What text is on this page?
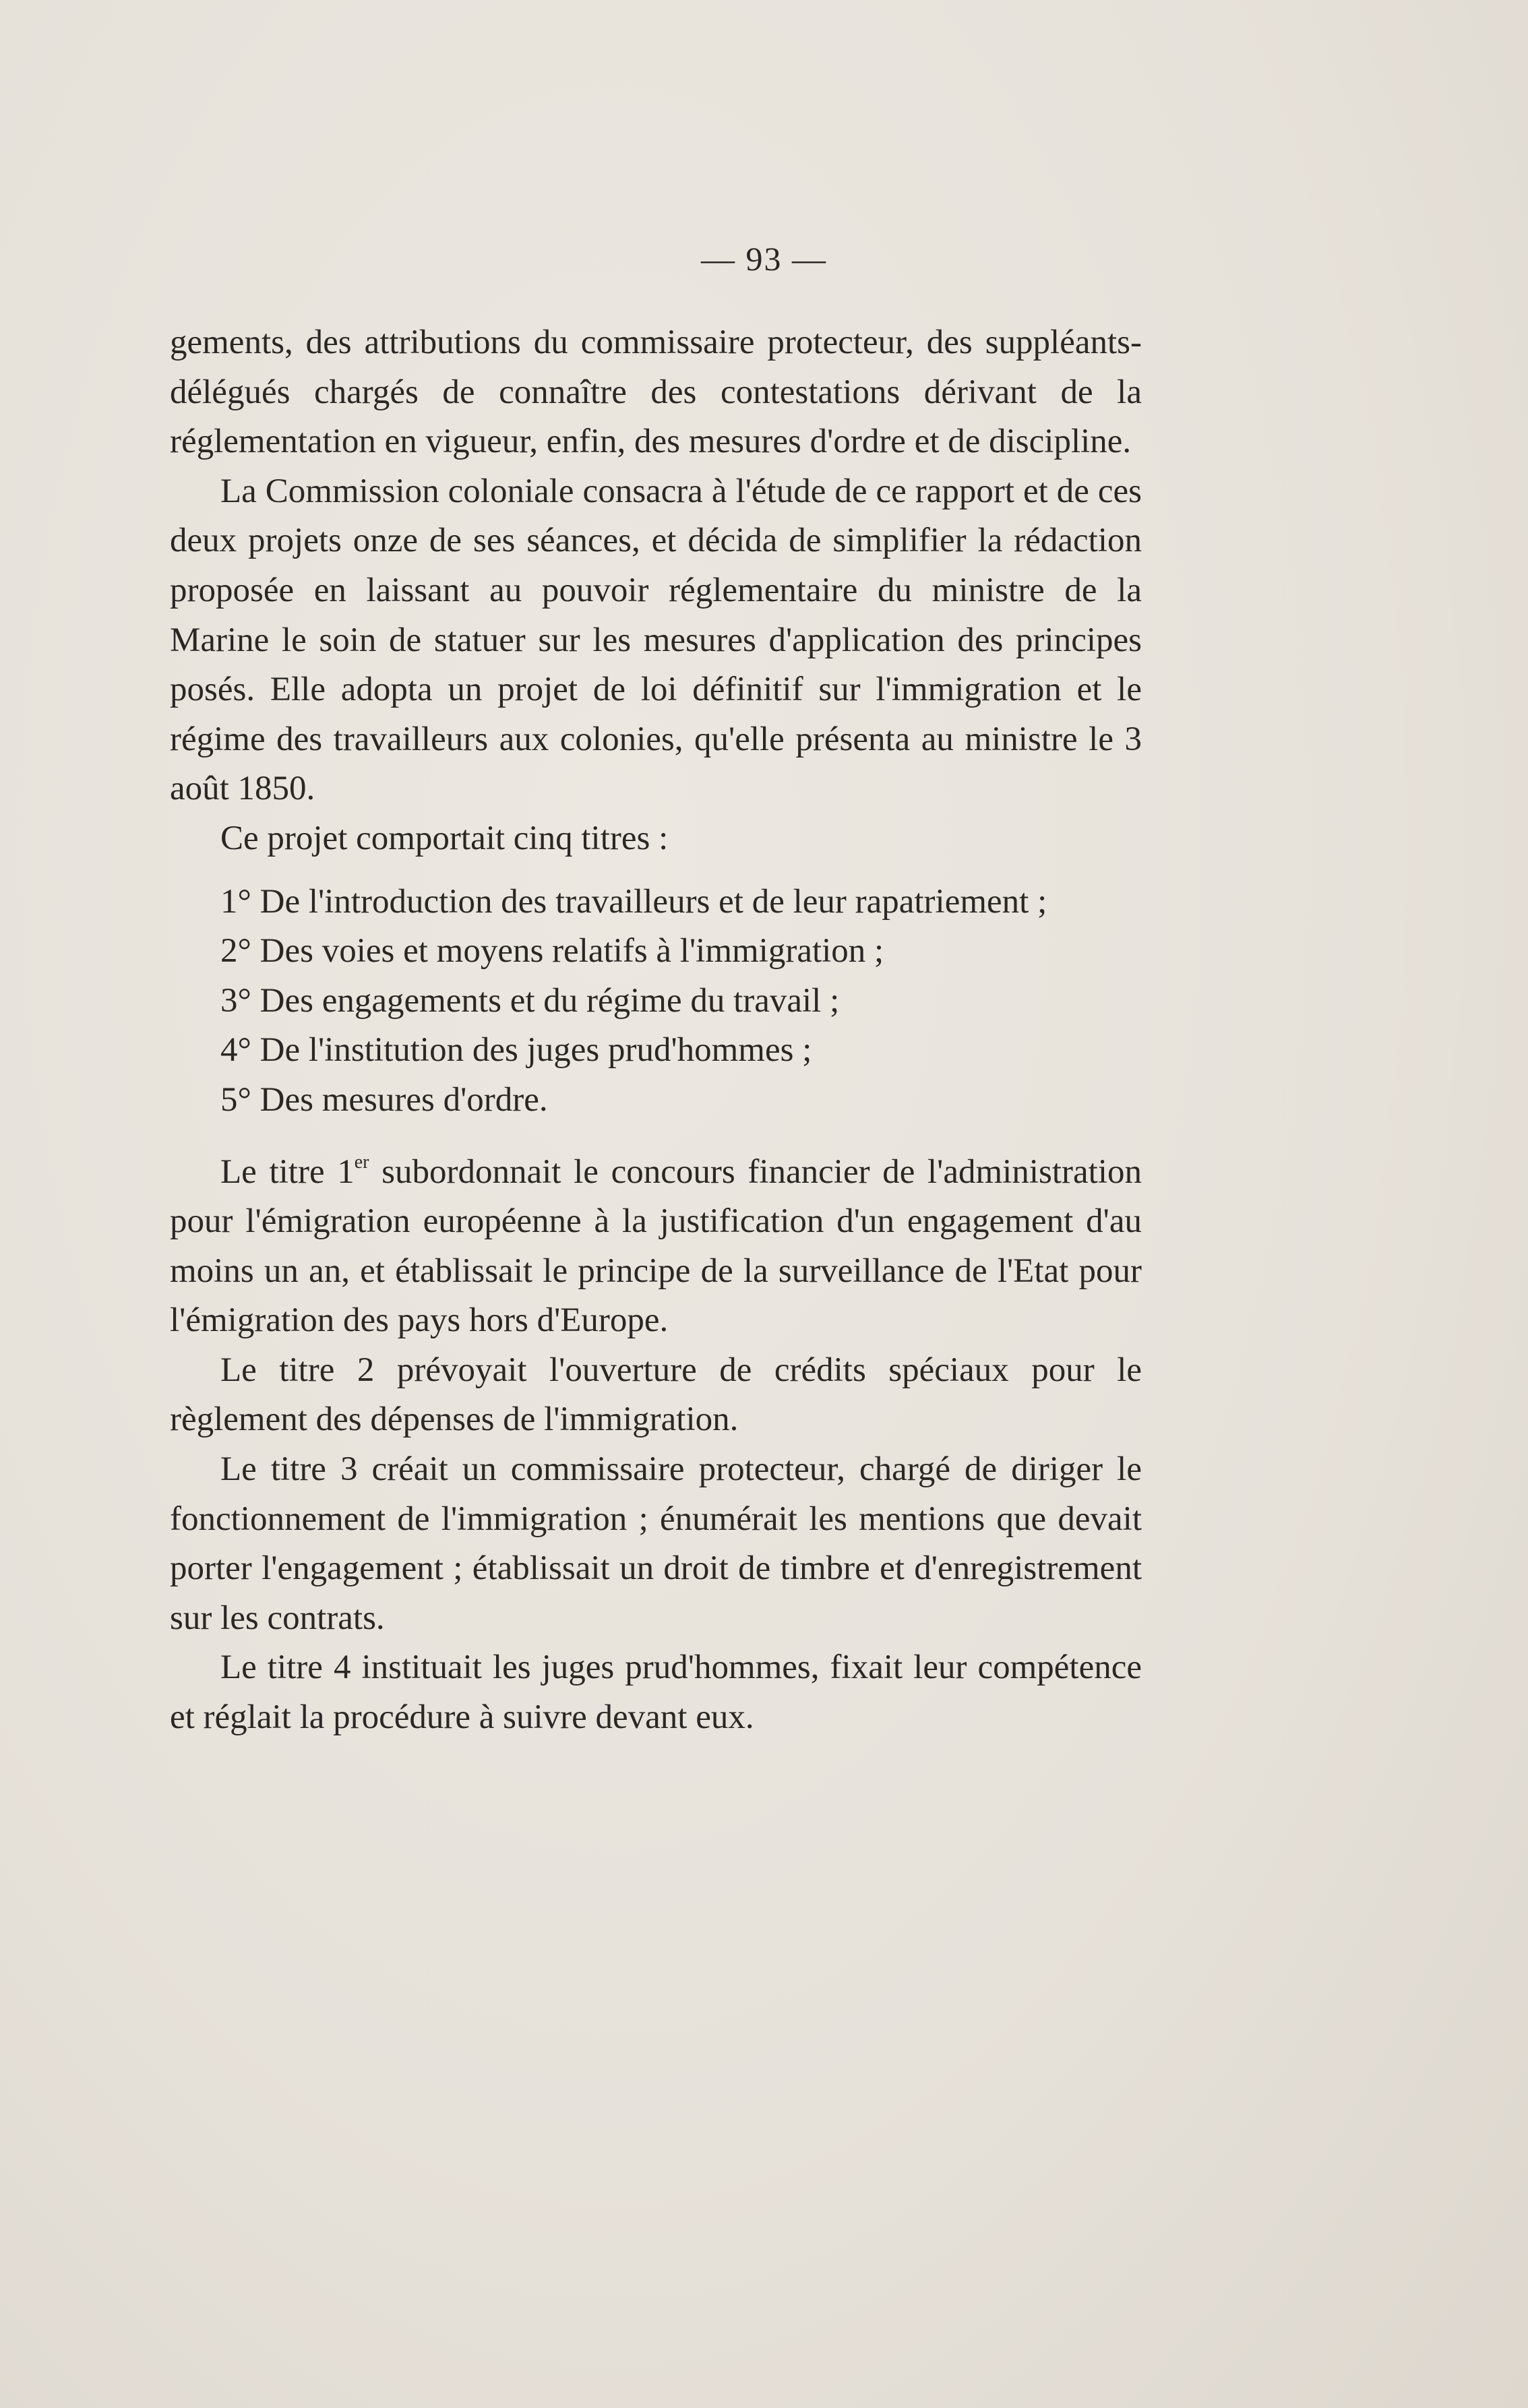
— 93 —

gements, des attributions du commissaire protecteur, des suppléants-délégués chargés de connaître des contestations dérivant de la réglementation en vigueur, enfin, des mesures d'ordre et de discipline.

La Commission coloniale consacra à l'étude de ce rapport et de ces deux projets onze de ses séances, et décida de simplifier la rédaction proposée en laissant au pouvoir réglementaire du ministre de la Marine le soin de statuer sur les mesures d'application des principes posés. Elle adopta un projet de loi définitif sur l'immigration et le régime des travailleurs aux colonies, qu'elle présenta au ministre le 3 août 1850.

Ce projet comportait cinq titres :

1° De l'introduction des travailleurs et de leur rapatriement ;

2° Des voies et moyens relatifs à l'immigration ;

3° Des engagements et du régime du travail ;

4° De l'institution des juges prud'hommes ;

5° Des mesures d'ordre.

Le titre 1er subordonnait le concours financier de l'administration pour l'émigration européenne à la justification d'un engagement d'au moins un an, et établissait le principe de la surveillance de l'Etat pour l'émigration des pays hors d'Europe.

Le titre 2 prévoyait l'ouverture de crédits spéciaux pour le règlement des dépenses de l'immigration.

Le titre 3 créait un commissaire protecteur, chargé de diriger le fonctionnement de l'immigration ; énumérait les mentions que devait porter l'engagement ; établissait un droit de timbre et d'enregistrement sur les contrats.

Le titre 4 instituait les juges prud'hommes, fixait leur compétence et réglait la procédure à suivre devant eux.
